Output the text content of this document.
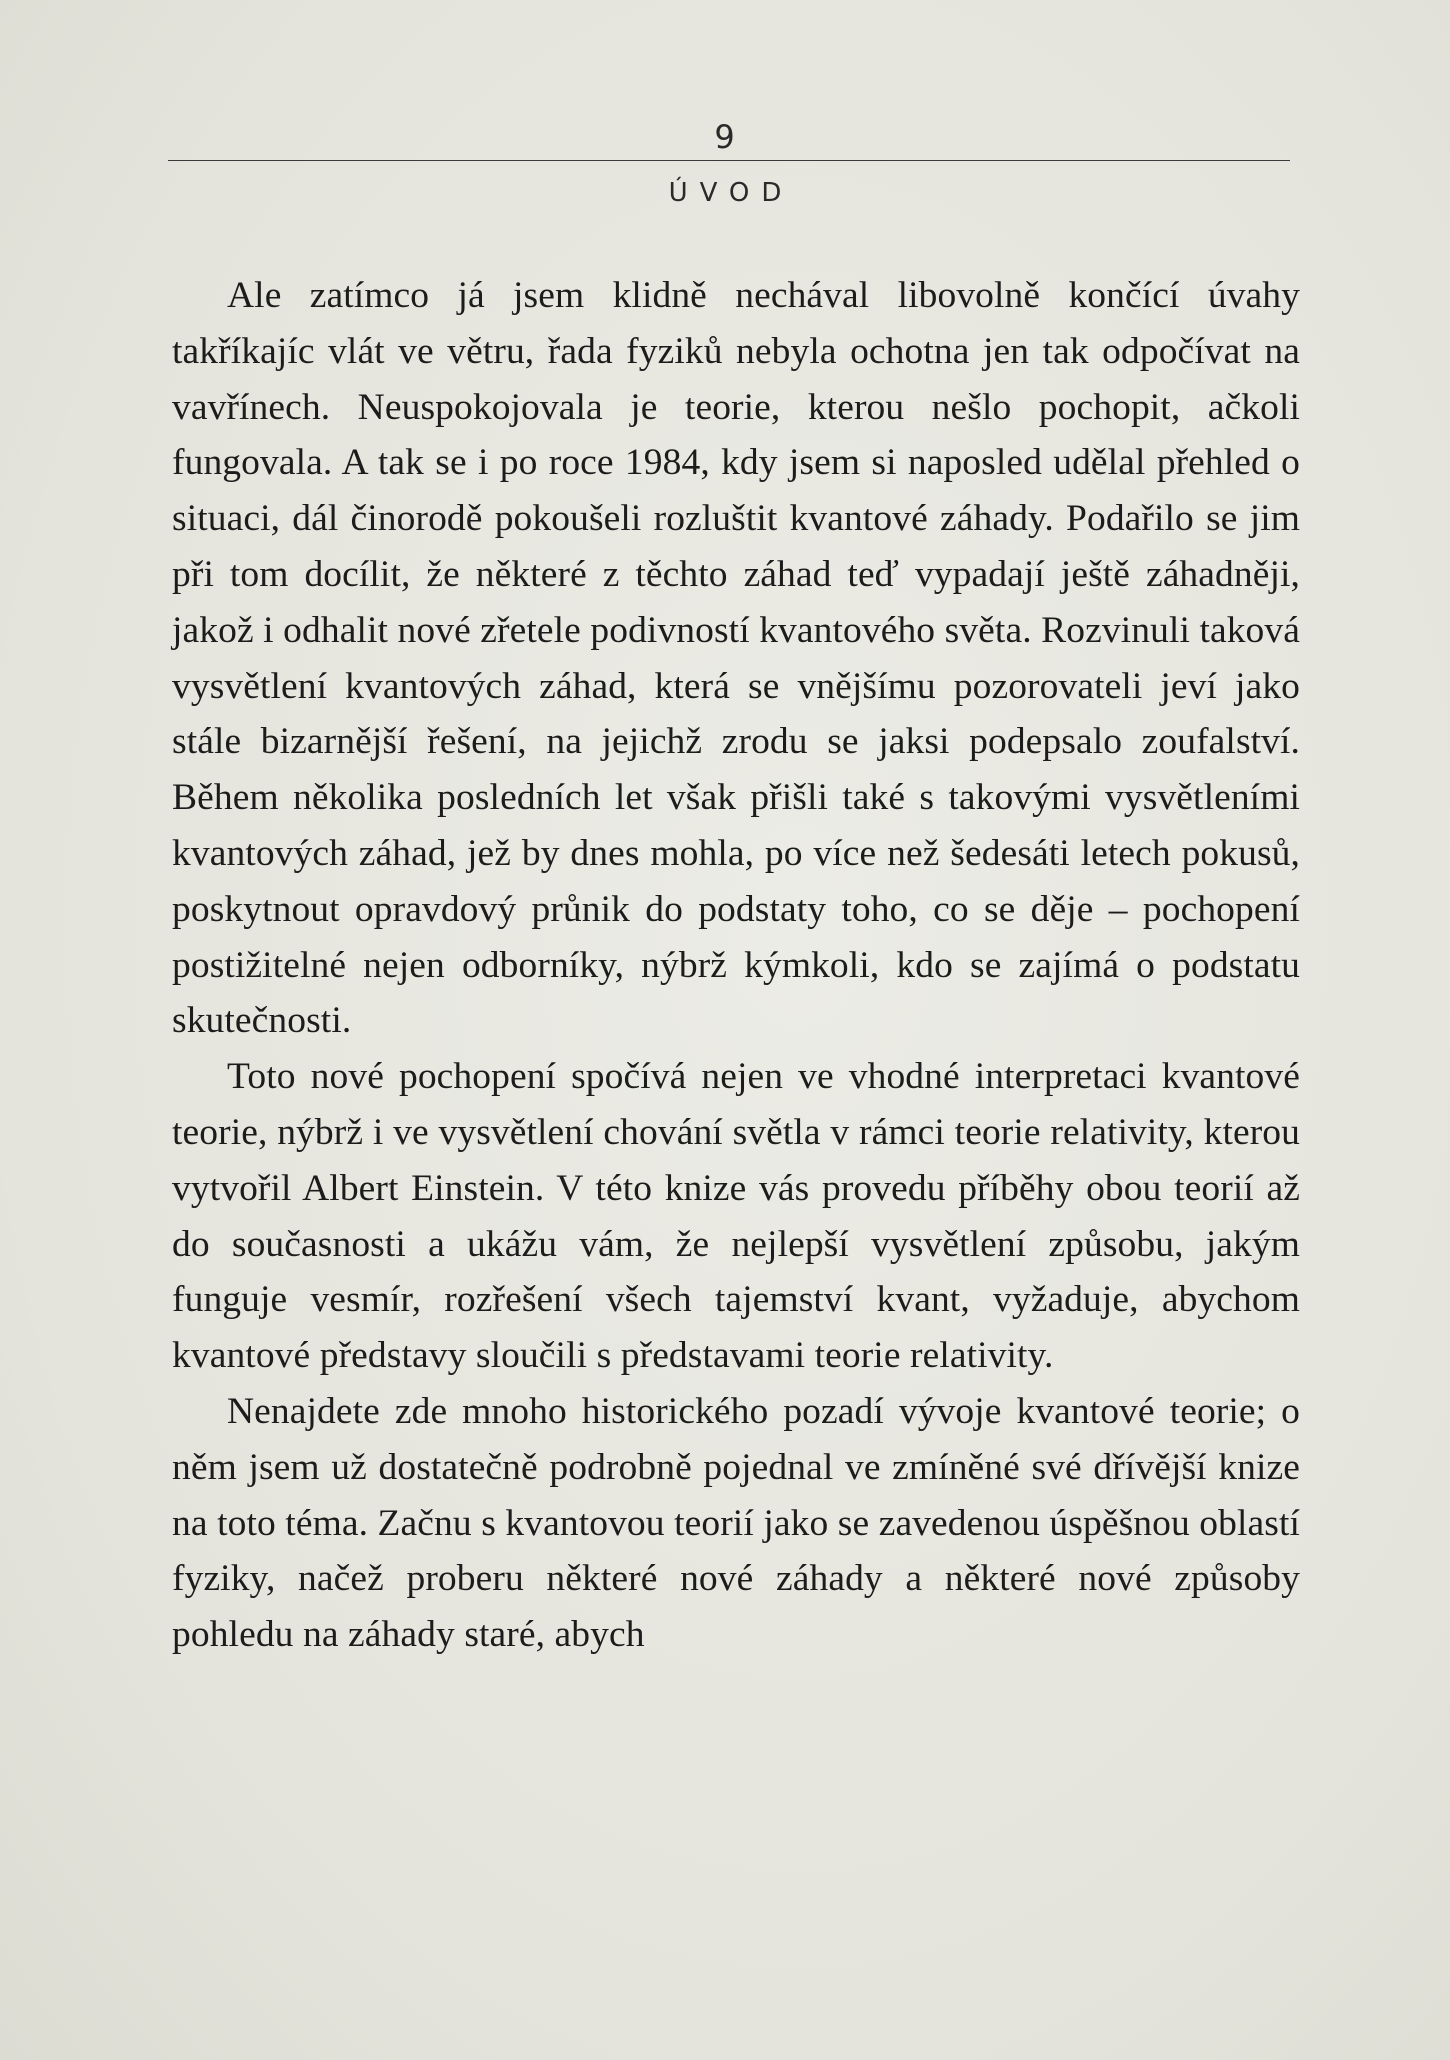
9
ÚVOD

Ale zatímco já jsem klidně nechával libovolně končící úvahy takříkajíc vlát ve větru, řada fyziků nebyla ochotna jen tak odpočívat na vavřínech. Neuspokojovala je teorie, kterou nešlo pochopit, ačkoli fungovala. A tak se i po roce 1984, kdy jsem si naposled udělal přehled o situaci, dál činorodě pokoušeli rozluštit kvantové záhady. Podařilo se jim při tom docílit, že některé z těchto záhad teď vypadají ještě záhadněji, jakož i odhalit nové zřetele podivností kvantového světa. Rozvinuli taková vysvětlení kvantových záhad, která se vnějšímu pozorovateli jeví jako stále bizarnější řešení, na jejichž zrodu se jaksi podepsalo zoufalství. Během několika posledních let však přišli také s takovými vysvětleními kvantových záhad, jež by dnes mohla, po více než šedesáti letech pokusů, poskytnout opravdový průnik do podstaty toho, co se děje – pochopení postižitelné nejen odborníky, nýbrž kýmkoli, kdo se zajímá o podstatu skutečnosti.

Toto nové pochopení spočívá nejen ve vhodné interpretaci kvantové teorie, nýbrž i ve vysvětlení chování světla v rámci teorie relativity, kterou vytvořil Albert Einstein. V této knize vás provedu příběhy obou teorií až do současnosti a ukážu vám, že nejlepší vysvětlení způsobu, jakým funguje vesmír, rozřešení všech tajemství kvant, vyžaduje, abychom kvantové představy sloučili s představami teorie relativity.

Nenajdete zde mnoho historického pozadí vývoje kvantové teorie; o něm jsem už dostatečně podrobně pojednal ve zmíněné své dřívější knize na toto téma. Začnu s kvantovou teorií jako se zavedenou úspěšnou oblastí fyziky, načež proberu některé nové záhady a některé nové způsoby pohledu na záhady staré, abych
